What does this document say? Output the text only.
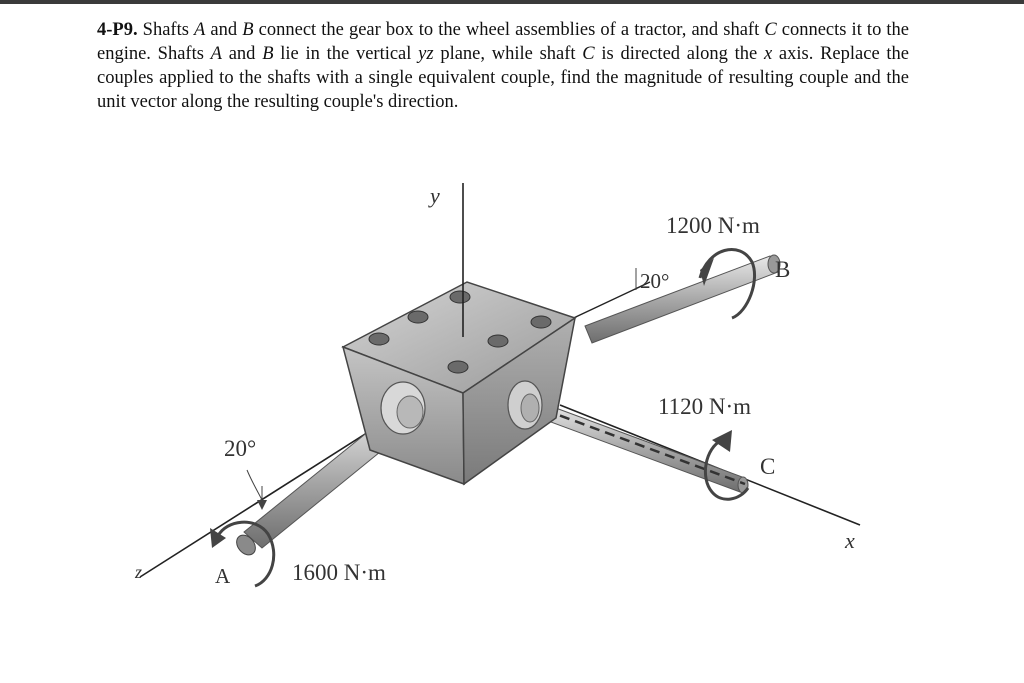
4-P9. Shafts A and B connect the gear box to the wheel assemblies of a tractor, and shaft C connects it to the engine. Shafts A and B lie in the vertical yz plane, while shaft C is directed along the x axis. Replace the couples applied to the shafts with a single equivalent couple, find the magnitude of resulting couple and the unit vector along the resulting couple's direction.
y
x
z
1200 N·m
B
20°
1120 N·m
C
20°
A	1600 N·m
